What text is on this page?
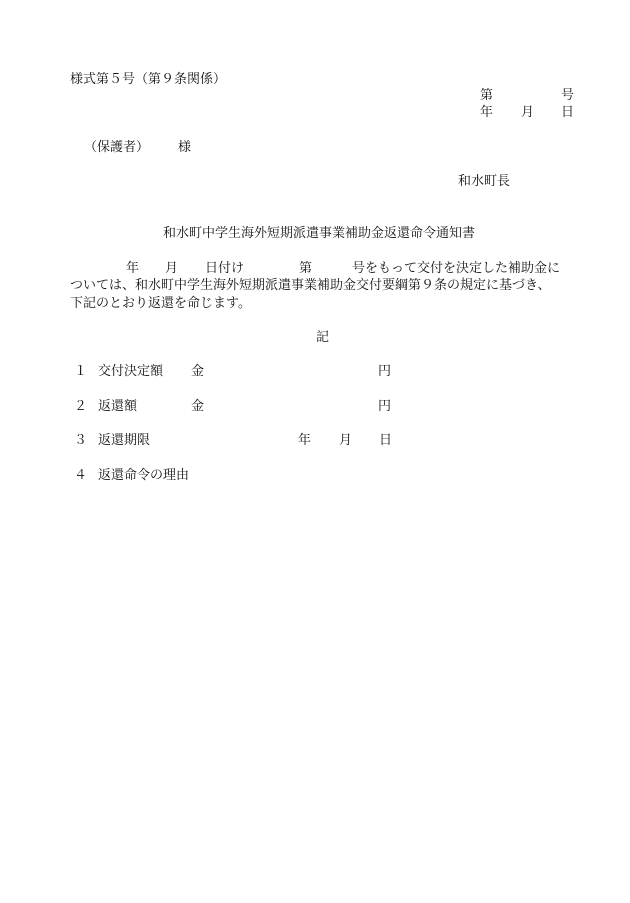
様式第５号（第９条関係）
第	号
年 月 日
（保護者） 様
和水町長
和水町中学生海外短期派遣事業補助金返還命令通知書
年 月 日付け	第	号をもって交付を決定した補助金に
ついては、和水町中学生海外短期派遣事業補助金交付要綱第９条の規定に基づき、
下記のとおり返還を命じます。
記
１ 交付決定額 金	円
２ 返還額	金	円
３ 返還期限	年 月 日
４ 返還命令の理由
